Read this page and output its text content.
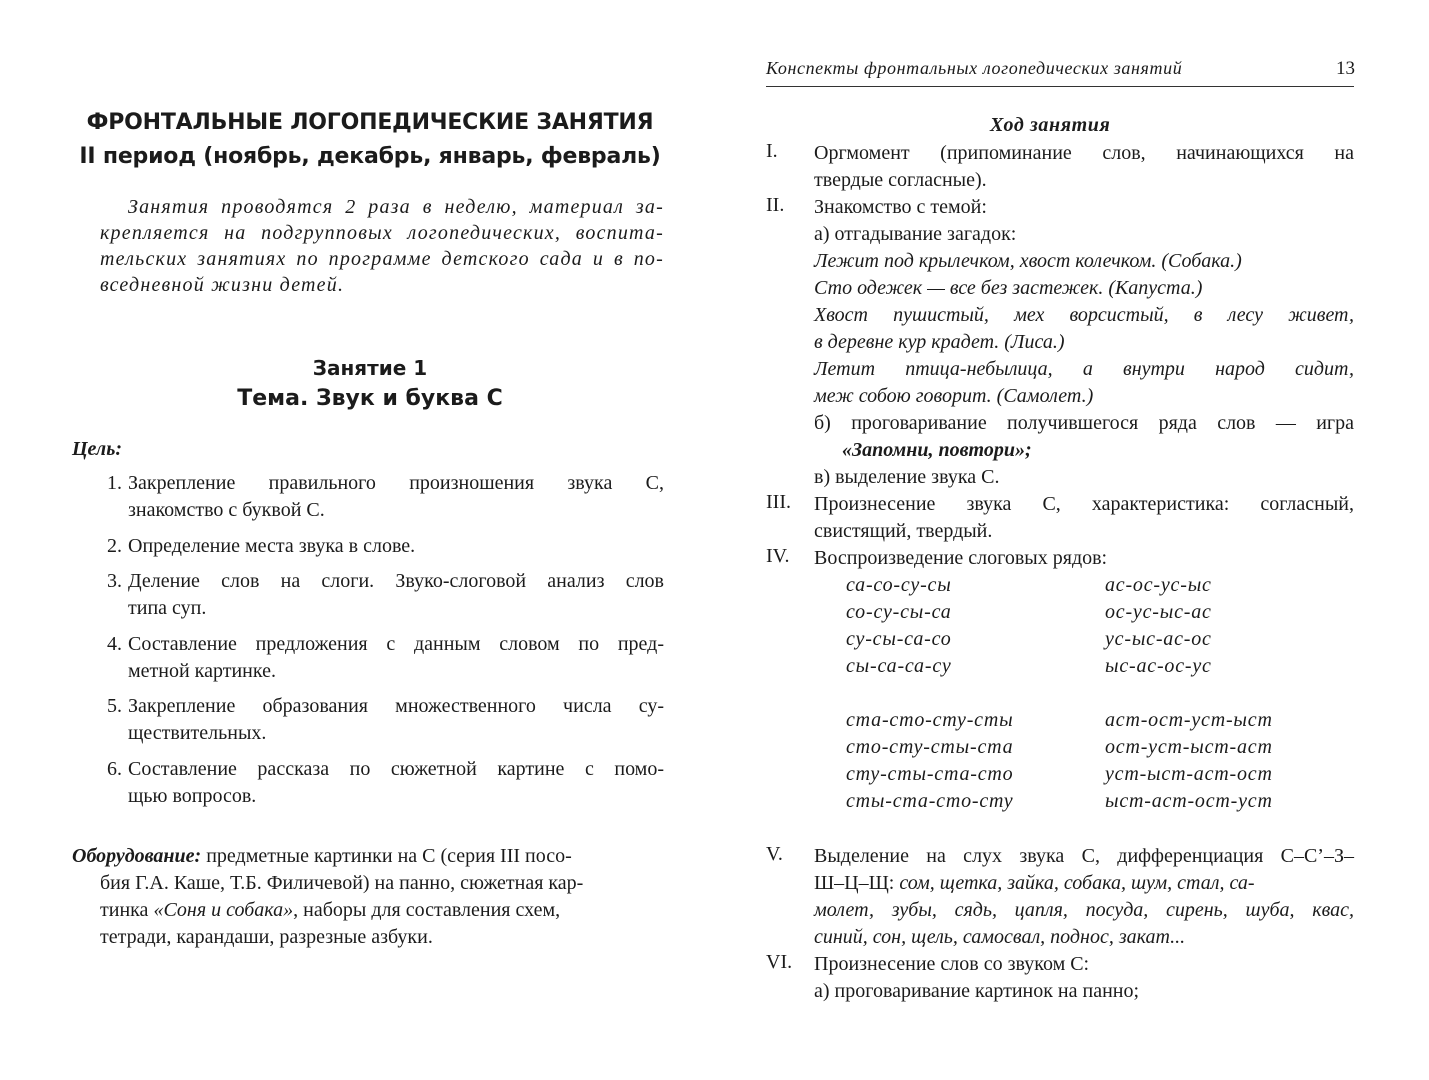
ФРОНТАЛЬНЫЕ ЛОГОПЕДИЧЕСКИЕ ЗАНЯТИЯ
II период (ноябрь, декабрь, январь, февраль)
Занятия проводятся 2 раза в неделю, материал за-
крепляется на подгрупповых логопедических, воспита-
тельских занятиях по программе детского сада и в по-
вседневной жизни детей.
Занятие 1
Тема. Звук и буква С
Цель:
1. Закрепление правильного произношения звука С,
знакомство с буквой С.
2. Определение места звука в слове.
3. Деление слов на слоги. Звуко-слоговой анализ слов
типа суп.
4. Составление предложения с данным словом по пред-
метной картинке.
5. Закрепление образования множественного числа су-
ществительных.
6. Составление рассказа по сюжетной картине с помо-
щью вопросов.
Оборудование: предметные картинки на С (серия III посо-
бия Г.А. Каше, Т.Б. Филичевой) на панно, сюжетная кар-
тинка «Соня и собака», наборы для составления схем,
тетради, карандаши, разрезные азбуки.
Конспекты фронтальных логопедических занятий	13
Ход занятия
I. Оргмомент (припоминание слов, начинающихся на
твердые согласные).
II. Знакомство с темой:
а) отгадывание загадок:
Лежит под крылечком, хвост колечком. (Собака.)
Сто одежек — все без застежек. (Капуста.)
Хвост пушистый, мех ворсистый, в лесу живет,
в деревне кур крадет. (Лиса.)
Летит птица-небылица, а внутри народ сидит,
меж собою говорит. (Самолет.)
б) проговаривание получившегося ряда слов — игра
«Запомни, повтори»;
в) выделение звука С.
III. Произнесение звука С, характеристика: согласный,
свистящий, твердый.
IV. Воспроизведение слоговых рядов:
са-со-су-сы
со-су-сы-са
су-сы-са-со
сы-са-са-су
ас-ос-ус-ыс
ос-ус-ыс-ас
ус-ыс-ас-ос
ыс-ас-ос-ус
ста-сто-сту-сты
сто-сту-сты-ста
сту-сты-ста-сто
сты-ста-сто-сту
аст-ост-уст-ыст
ост-уст-ыст-аст
уст-ыст-аст-ост
ыст-аст-ост-уст
V. Выделение на слух звука С, дифференциация С–С’–З–
Ш–Ц–Щ: сом, щетка, зайка, собака, шум, стал, са-
молет, зубы, сядь, цапля, посуда, сирень, шуба, квас,
синий, сон, щель, самосвал, поднос, закат...
VI. Произнесение слов со звуком С:
а) проговаривание картинок на панно;
